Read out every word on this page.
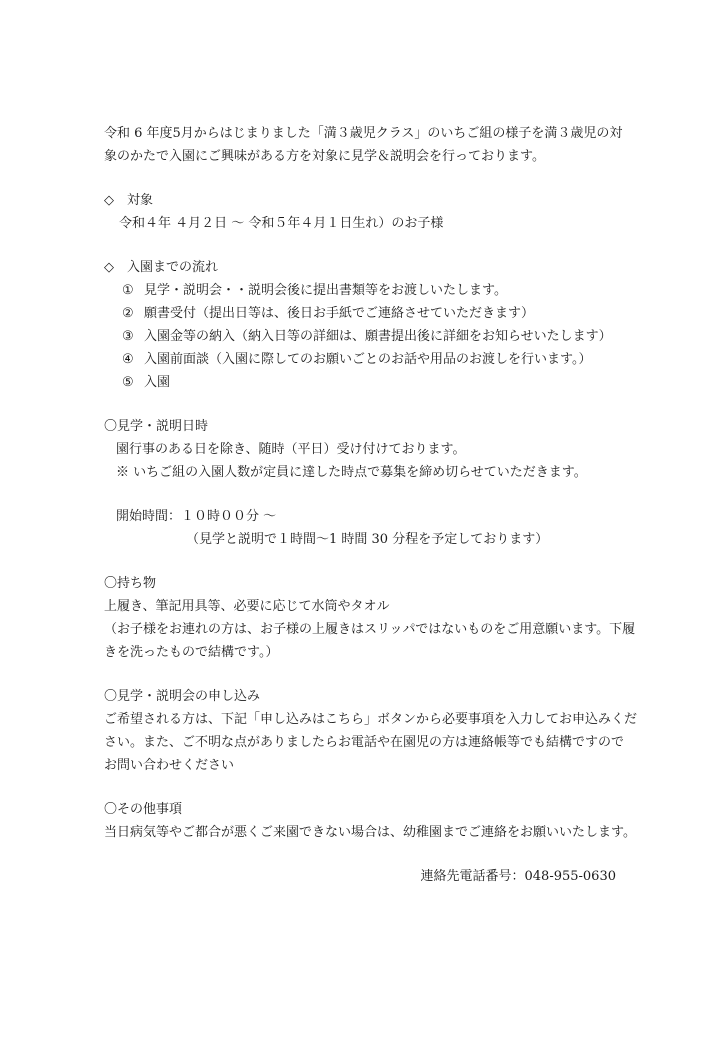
令和 6 年度5月からはじまりました「満３歳児クラス」のいちご組の様子を満３歳児の対
象のかたで入園にご興味がある方を対象に見学＆説明会を行っております。
◇　対象
令和４年 ４月２日 〜 令和５年４月１日生れ）のお子様
◇　入園までの流れ
① 見学・説明会・・説明会後に提出書類等をお渡しいたします。
② 願書受付（提出日等は、後日お手紙でご連絡させていただきます）
③ 入園金等の納入（納入日等の詳細は、願書提出後に詳細をお知らせいたします）
④ 入園前面談（入園に際してのお願いごとのお話や用品のお渡しを行います。）
⑤ 入園
〇見学・説明日時
園行事のある日を除き、随時（平日）受け付けております。
※ いちご組の入園人数が定員に達した時点で募集を締め切らせていただきます。
開始時間：１０時００分 〜
（見学と説明で１時間〜1 時間 30 分程を予定しております）
〇持ち物
上履き、筆記用具等、必要に応じて水筒やタオル
（お子様をお連れの方は、お子様の上履きはスリッパではないものをご用意願います。下履
きを洗ったもので結構です。）
〇見学・説明会の申し込み
ご希望される方は、下記「申し込みはこちら」ボタンから必要事項を入力してお申込みくだ
さい。また、ご不明な点がありましたらお電話や在園児の方は連絡帳等でも結構ですので
お問い合わせください
〇その他事項
当日病気等やご都合が悪くご来園できない場合は、幼稚園までご連絡をお願いいたします。
連絡先電話番号：048-955-0630
